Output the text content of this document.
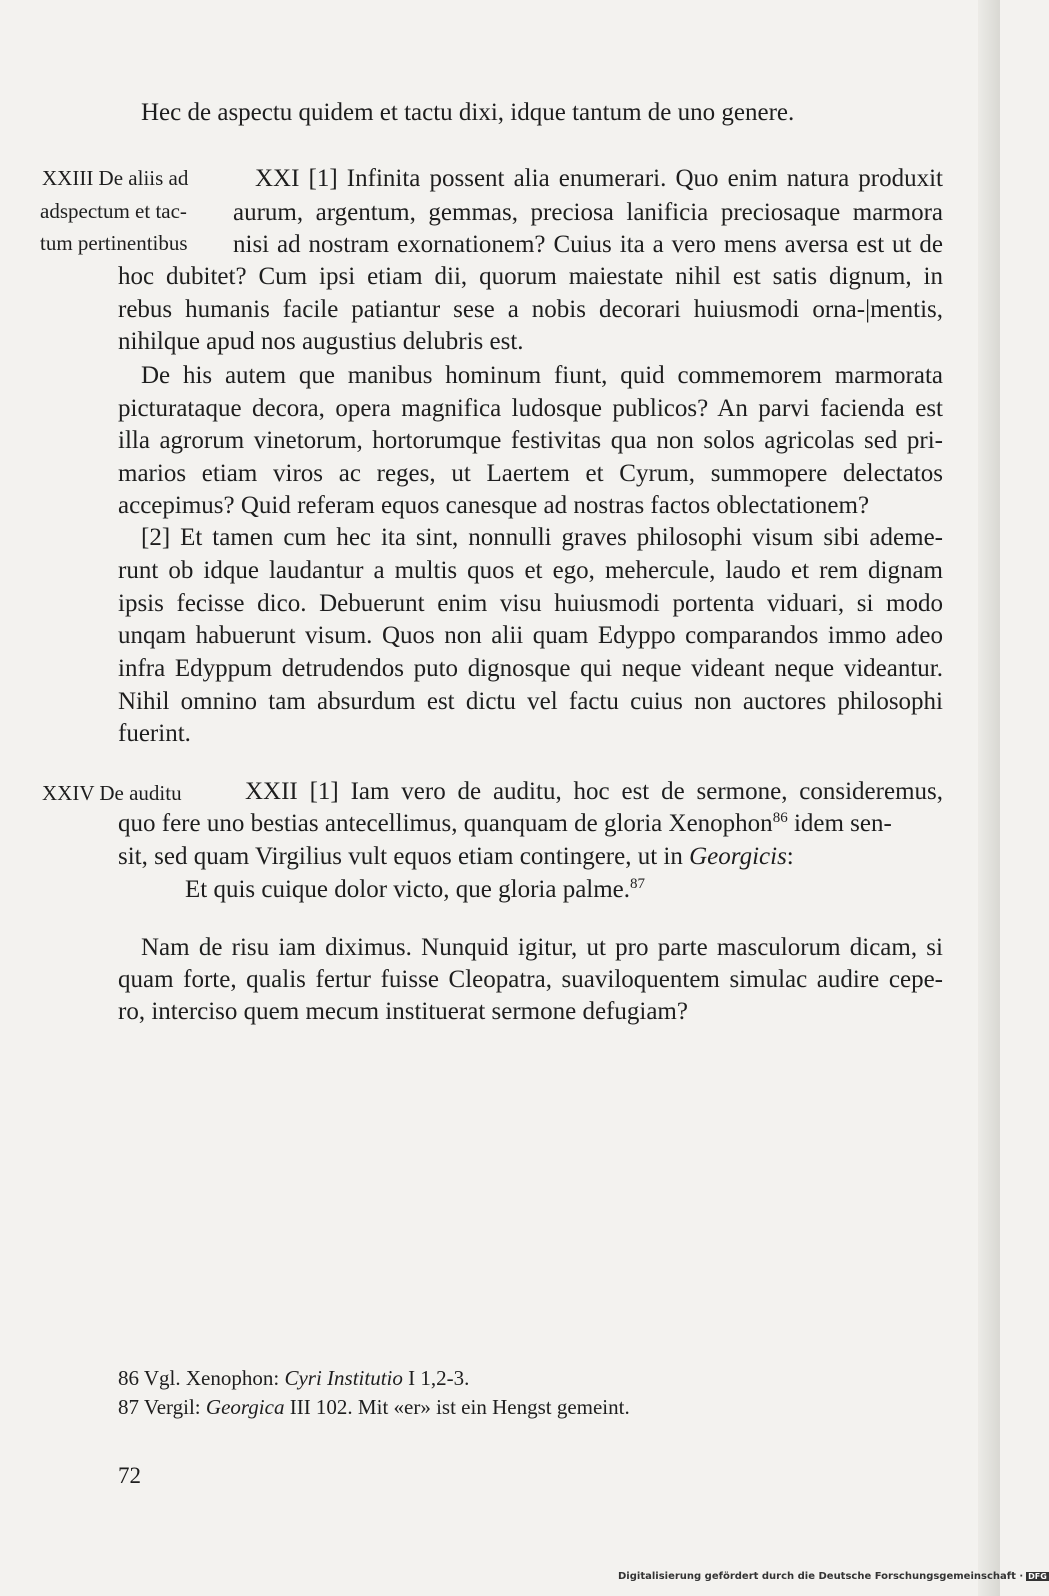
Hec de aspectu quidem et tactu dixi, idque tantum de uno genere.
XXIII De aliis ad
adspectum et tac-
tum pertinentibus
XXI [1] Infinita possent alia enumerari. Quo enim natura produxit
aurum, argentum, gemmas, preciosa lanificia preciosaque marmora
nisi ad nostram exornationem? Cuius ita a vero mens aversa est ut de
hoc dubitet? Cum ipsi etiam dii, quorum maiestate nihil est satis dignum, in
rebus humanis facile patiantur sese a nobis decorari huiusmodi orna-|mentis,
nihilque apud nos augustius delubris est.
De his autem que manibus hominum fiunt, quid commemorem marmorata
picturataque decora, opera magnifica ludosque publicos? An parvi facienda est
illa agrorum vinetorum, hortorumque festivitas qua non solos agricolas sed pri-
marios etiam viros ac reges, ut Laertem et Cyrum, summopere delectatos
accepimus? Quid referam equos canesque ad nostras factos oblectationem?
[2] Et tamen cum hec ita sint, nonnulli graves philosophi visum sibi ademe-
runt ob idque laudantur a multis quos et ego, mehercule, laudo et rem dignam
ipsis fecisse dico. Debuerunt enim visu huiusmodi portenta viduari, si modo
unqam habuerunt visum. Quos non alii quam Edyppo comparandos immo adeo
infra Edyppum detrudendos puto dignosque qui neque videant neque videantur.
Nihil omnino tam absurdum est dictu vel factu cuius non auctores philosophi
fuerint.
XXIV De auditu	XXII [1] Iam vero de auditu, hoc est de sermone, consideremus,
quo fere uno bestias antecellimus, quanquam de gloria Xenophon$^{86}$ idem sen-
sit, sed quam Virgilius vult equos etiam contingere, ut in Georgicis:
Et quis cuique dolor victo, que gloria palme.$^{87}$
Nam de risu iam diximus. Nunquid igitur, ut pro parte masculorum dicam, si
quam forte, qualis fertur fuisse Cleopatra, suaviloquentem simulac audire cepe-
ro, interciso quem mecum instituerat sermone defugiam?
86 Vgl. Xenophon: Cyri Institutio I 1,2-3.
87 Vergil: Georgica III 102. Mit «er» ist ein Hengst gemeint.
72
Digitalisierung gefördert durch die Deutsche Forschungsgemeinschaft · DFG
